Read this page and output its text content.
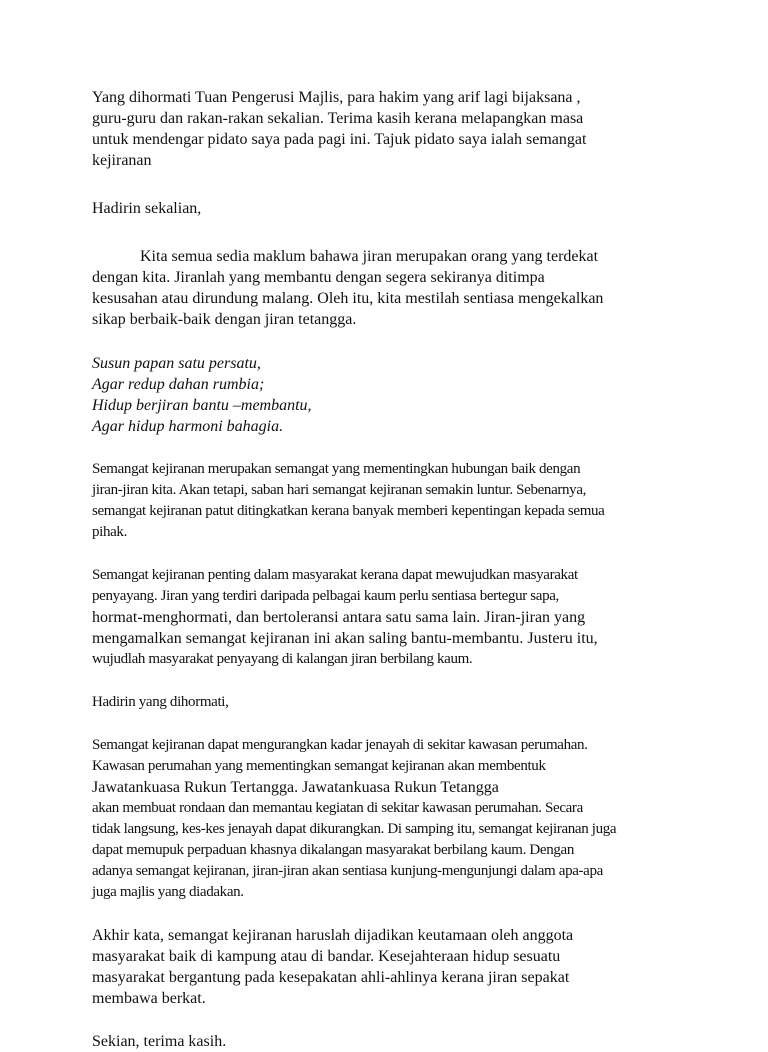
Yang dihormati Tuan Pengerusi Majlis, para hakim yang arif lagi bijaksana ,
guru-guru dan rakan-rakan sekalian. Terima kasih kerana melapangkan masa
untuk mendengar pidato saya pada pagi ini. Tajuk pidato saya ialah semangat
kejiranan
Hadirin sekalian,
Kita semua sedia maklum bahawa jiran merupakan orang yang terdekat
dengan kita. Jiranlah yang membantu dengan segera sekiranya ditimpa
kesusahan atau dirundung malang. Oleh itu, kita mestilah sentiasa mengekalkan
sikap berbaik-baik dengan jiran tetangga.
Susun papan satu persatu,
Agar redup dahan rumbia;
Hidup berjiran bantu –membantu,
Agar hidup harmoni bahagia.
Semangat kejiranan merupakan semangat yang mementingkan hubungan baik dengan
jiran-jiran kita. Akan tetapi, saban hari semangat kejiranan semakin luntur. Sebenarnya,
semangat kejiranan patut ditingkatkan kerana banyak memberi kepentingan kepada semua
pihak.
Semangat kejiranan penting dalam masyarakat kerana dapat mewujudkan masyarakat
penyayang. Jiran yang terdiri daripada pelbagai kaum perlu sentiasa bertegur sapa,
hormat-menghormati, dan bertoleransi antara satu sama lain. Jiran-jiran yang
mengamalkan semangat kejiranan ini akan saling bantu-membantu. Justeru itu,
wujudlah masyarakat penyayang di kalangan jiran berbilang kaum.
Hadirin yang dihormati,
Semangat kejiranan dapat mengurangkan kadar jenayah di sekitar kawasan perumahan.
Kawasan perumahan yang mementingkan semangat kejiranan akan membentuk
Jawatankuasa Rukun Tertangga. Jawatankuasa Rukun Tetangga
akan membuat rondaan dan memantau kegiatan di sekitar kawasan perumahan. Secara
tidak langsung, kes-kes jenayah dapat dikurangkan. Di samping itu, semangat kejiranan juga
dapat memupuk perpaduan khasnya dikalangan masyarakat berbilang kaum. Dengan
adanya semangat kejiranan, jiran-jiran akan sentiasa kunjung-mengunjungi dalam apa-apa
juga majlis yang diadakan.
Akhir kata, semangat kejiranan haruslah dijadikan keutamaan oleh anggota
masyarakat baik di kampung atau di bandar. Kesejahteraan hidup sesuatu
masyarakat bergantung pada kesepakatan ahli-ahlinya kerana jiran sepakat
membawa berkat.
Sekian, terima kasih.
